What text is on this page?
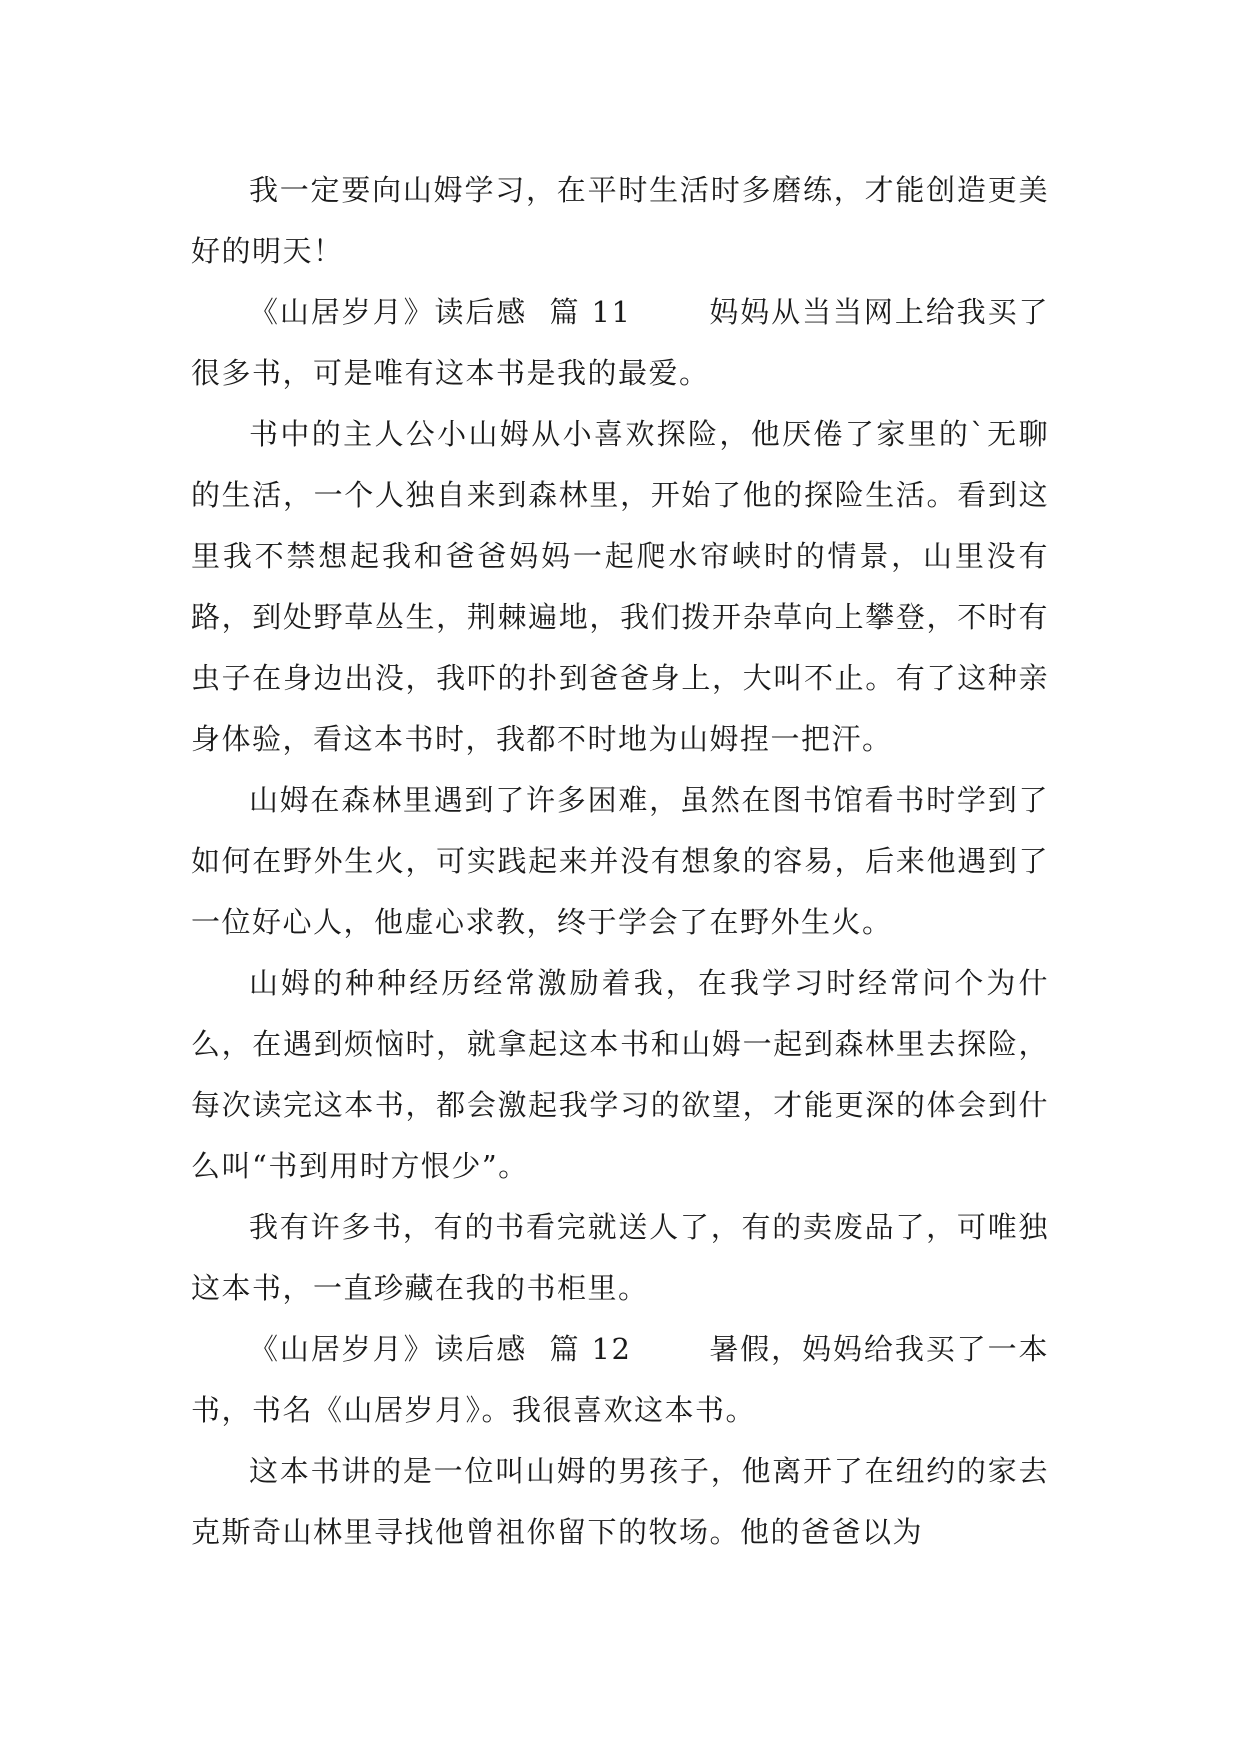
我一定要向山姆学习，在平时生活时多磨练，才能创造更美好的明天！

《山居岁月》读后感  篇 11       妈妈从当当网上给我买了很多书，可是唯有这本书是我的最爱。

书中的主人公小山姆从小喜欢探险，他厌倦了家里的`无聊的生活，一个人独自来到森林里，开始了他的探险生活。看到这里我不禁想起我和爸爸妈妈一起爬水帘峡时的情景，山里没有路，到处野草丛生，荆棘遍地，我们拨开杂草向上攀登，不时有虫子在身边出没，我吓的扑到爸爸身上，大叫不止。有了这种亲身体验，看这本书时，我都不时地为山姆捏一把汗。

山姆在森林里遇到了许多困难，虽然在图书馆看书时学到了如何在野外生火，可实践起来并没有想象的容易，后来他遇到了一位好心人，他虚心求教，终于学会了在野外生火。

山姆的种种经历经常激励着我，在我学习时经常问个为什么，在遇到烦恼时，就拿起这本书和山姆一起到森林里去探险，每次读完这本书，都会激起我学习的欲望，才能更深的体会到什么叫“书到用时方恨少”。

我有许多书，有的书看完就送人了，有的卖废品了，可唯独这本书，一直珍藏在我的书柜里。

《山居岁月》读后感  篇 12       暑假，妈妈给我买了一本书，书名《山居岁月》。我很喜欢这本书。

这本书讲的是一位叫山姆的男孩子，他离开了在纽约的家去克斯奇山林里寻找他曾祖你留下的牧场。他的爸爸以为
